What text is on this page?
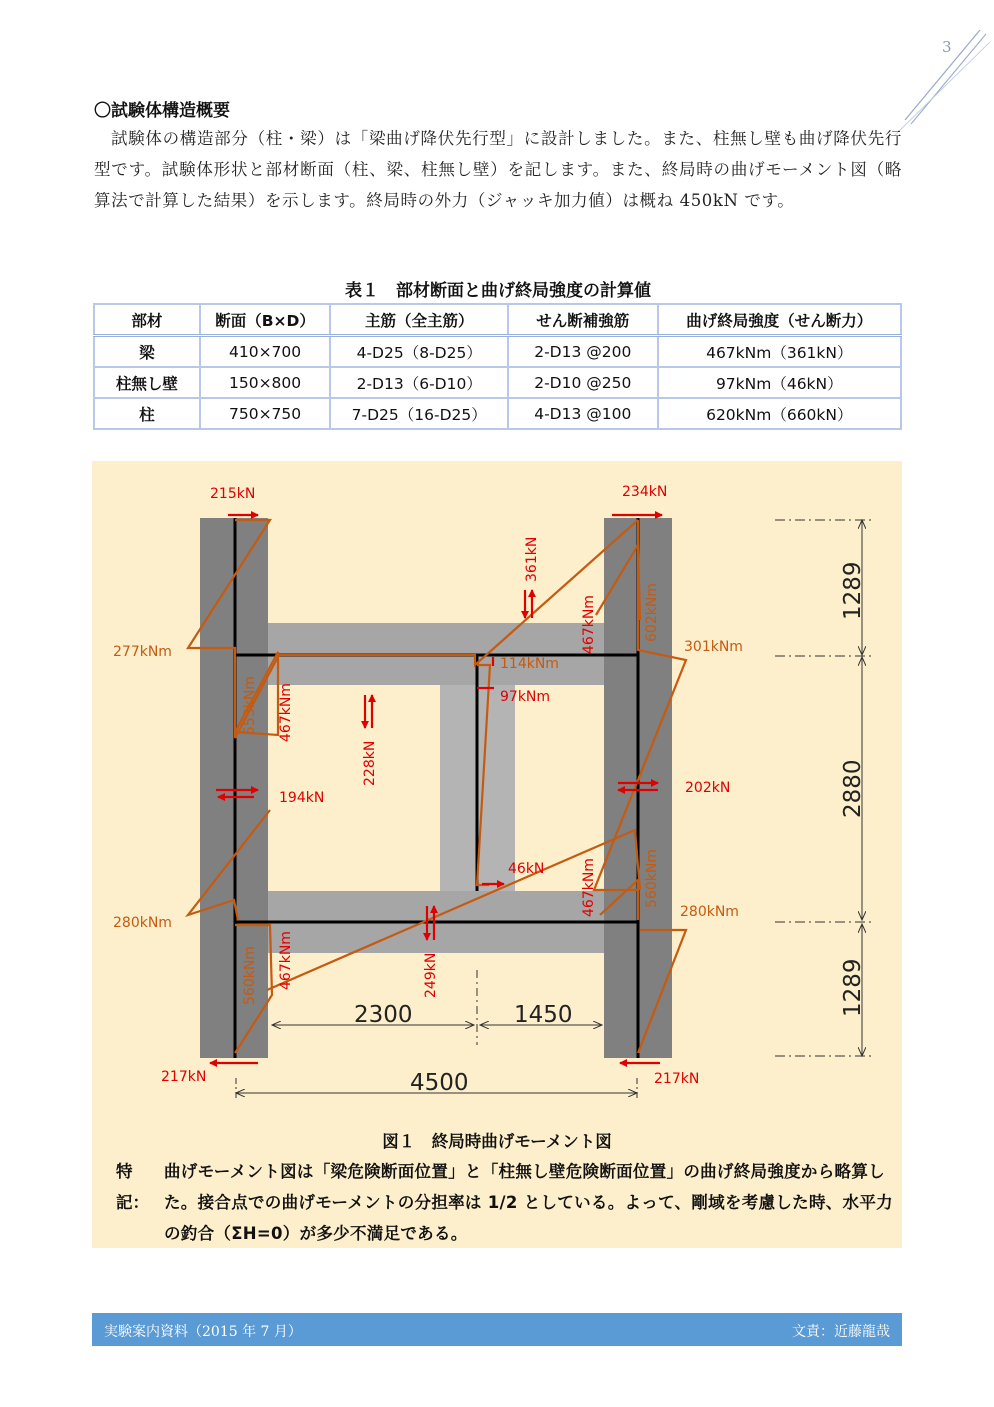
3
〇試験体構造概要
試験体の構造部分（柱・梁）は「梁曲げ降伏先行型」に設計しました。また、柱無し壁も曲げ降伏先行型です。試験体形状と部材断面（柱、梁、柱無し壁）を記します。また、終局時の曲げモーメント図（略算法で計算した結果）を示します。終局時の外力（ジャッキ加力値）は概ね 450kN です。
表１　部材断面と曲げ終局強度の計算値
部材	断面（B×D）	主筋（全主筋）	せん断補強筋	曲げ終局強度（せん断力）
梁	410×700	4-D25（8-D25）	2-D13 @200	467kNm（361kN）
柱無し壁	150×800	2-D13（6-D10）	2-D10 @250	97kNm（46kN）
柱	750×750	7-D25（16-D25）	4-D13 @100	620kNm（660kN）
215kN	234kN
217kN	217kN
194kN
202kN
46kN
97kNm
361kN
228kN
249kN
467kNm
467kNm
467kNm
467kNm
277kNm
280kNm
301kNm
280kNm
114kNm
553kNm
560kNm
602kNm
560kNm
2300	1450
4500
1289
2880
1289
図１　終局時曲げモーメント図
特記：
曲げモーメント図は「梁危険断面位置」と「柱無し壁危険断面位置」の曲げ終局強度から略算した。接合点での曲げモーメントの分担率は 1/2 としている。よって、剛域を考慮した時、水平力の釣合（ΣH=0）が多少不満足である。
実験案内資料（2015 年 7 月）	文責：近藤龍哉
